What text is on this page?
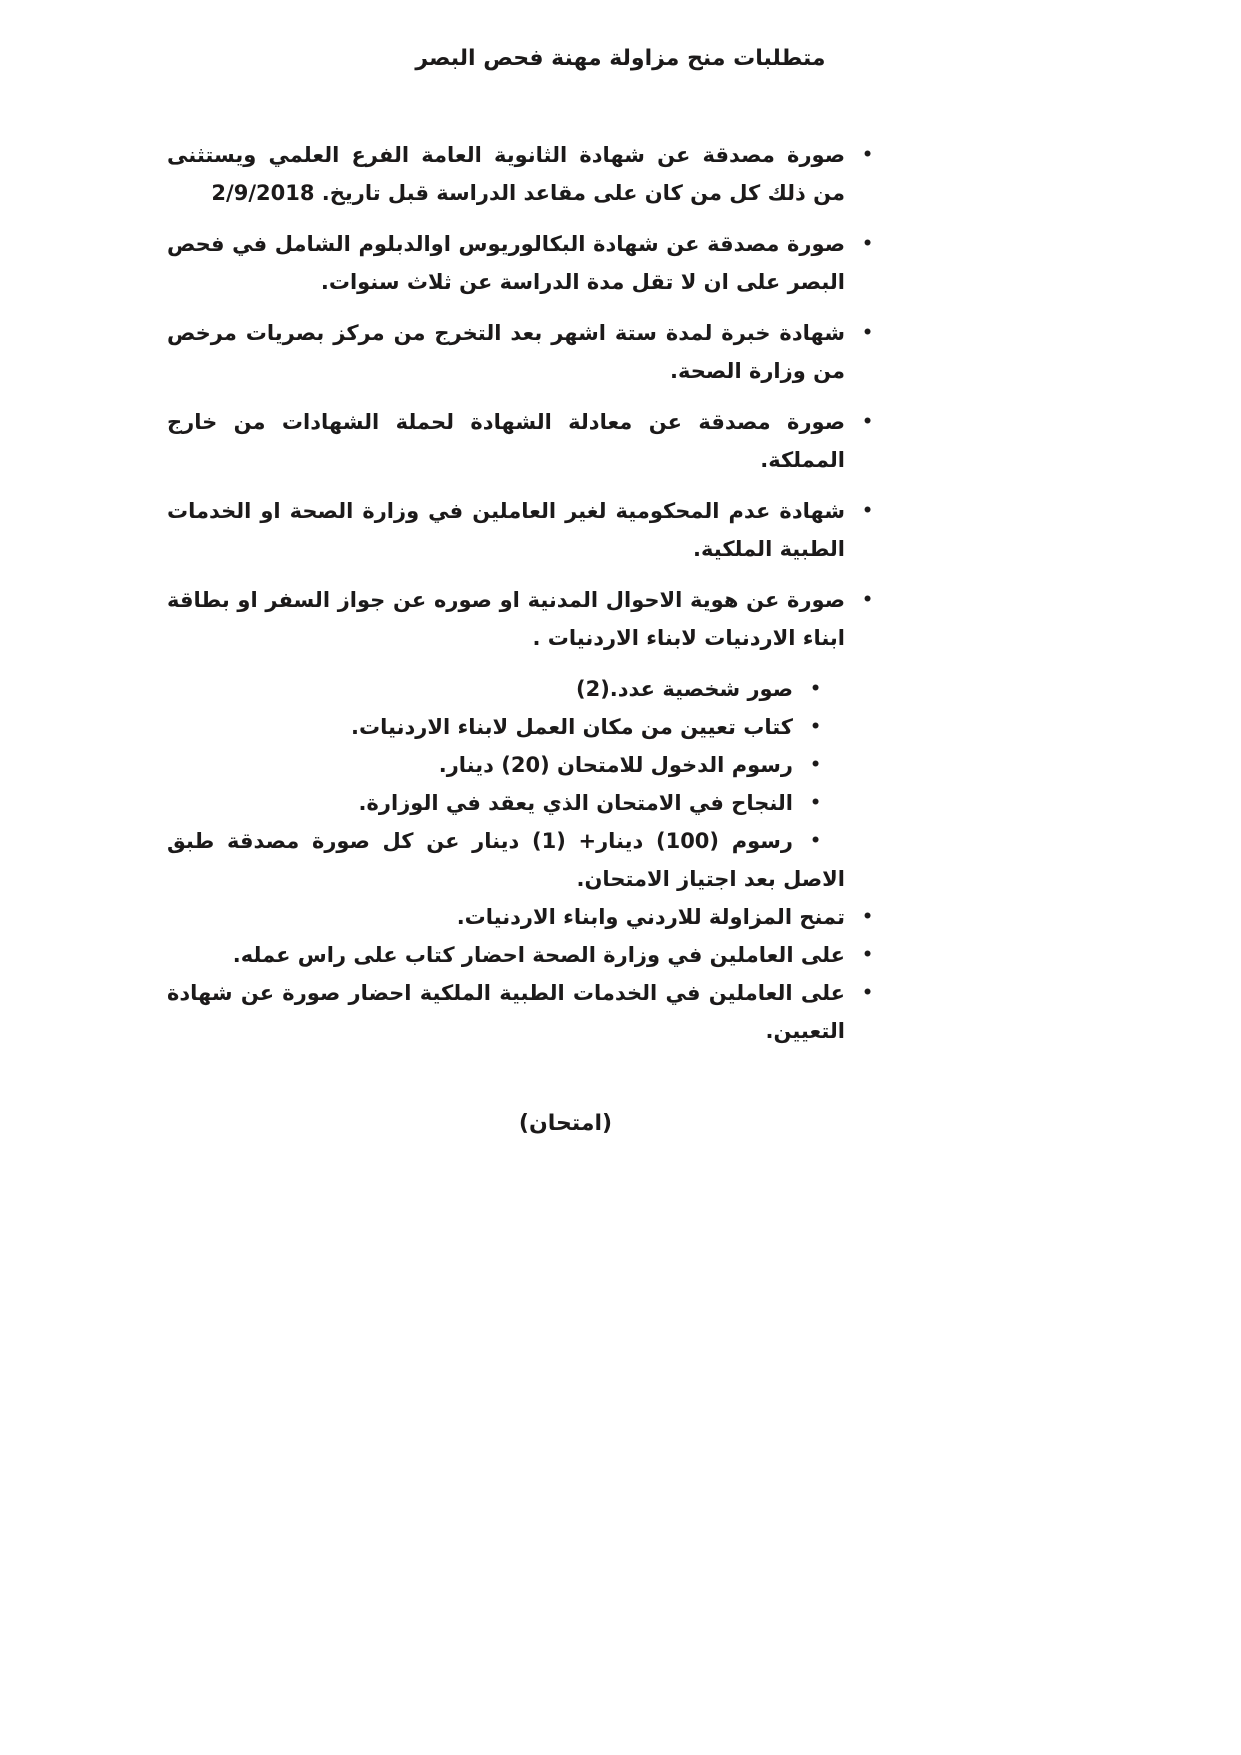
متطلبات منح مزاولة مهنة فحص البصر
•
صورة مصدقة عن شهادة الثانوية العامة الفرع العلمي ويستثنى من ذلك كل من كان على مقاعد الدراسة قبل تاريخ. 2/9/2018
•
صورة مصدقة عن شهادة البكالوريوس اوالدبلوم الشامل في فحص البصر على ان لا تقل مدة الدراسة عن ثلاث سنوات.
•
شهادة خبرة لمدة ستة اشهر بعد التخرج من مركز بصريات مرخص من وزارة الصحة.
•
صورة مصدقة عن معادلة الشهادة لحملة الشهادات من خارج المملكة.
•
شهادة عدم المحكومية لغير العاملين في وزارة الصحة او الخدمات الطبية الملكية.
•
صورة عن هوية الاحوال المدنية او صوره عن جواز السفر او بطاقة ابناء الاردنيات لابناء الاردنيات .
•
صور شخصية عدد.(2)
•
كتاب تعيين من مكان العمل لابناء الاردنيات.
•
رسوم الدخول للامتحان (20) دينار.
•
النجاح في الامتحان الذي يعقد في الوزارة.
•
رسوم (100) دينار+ (1) دينار عن كل صورة مصدقة طبق الاصل بعد اجتياز الامتحان.
•
تمنح المزاولة للاردني وابناء الاردنيات.
•
على العاملين في وزارة الصحة احضار كتاب على راس عمله.
•
على العاملين في الخدمات الطبية الملكية احضار صورة عن شهادة التعيين.
(امتحان)
